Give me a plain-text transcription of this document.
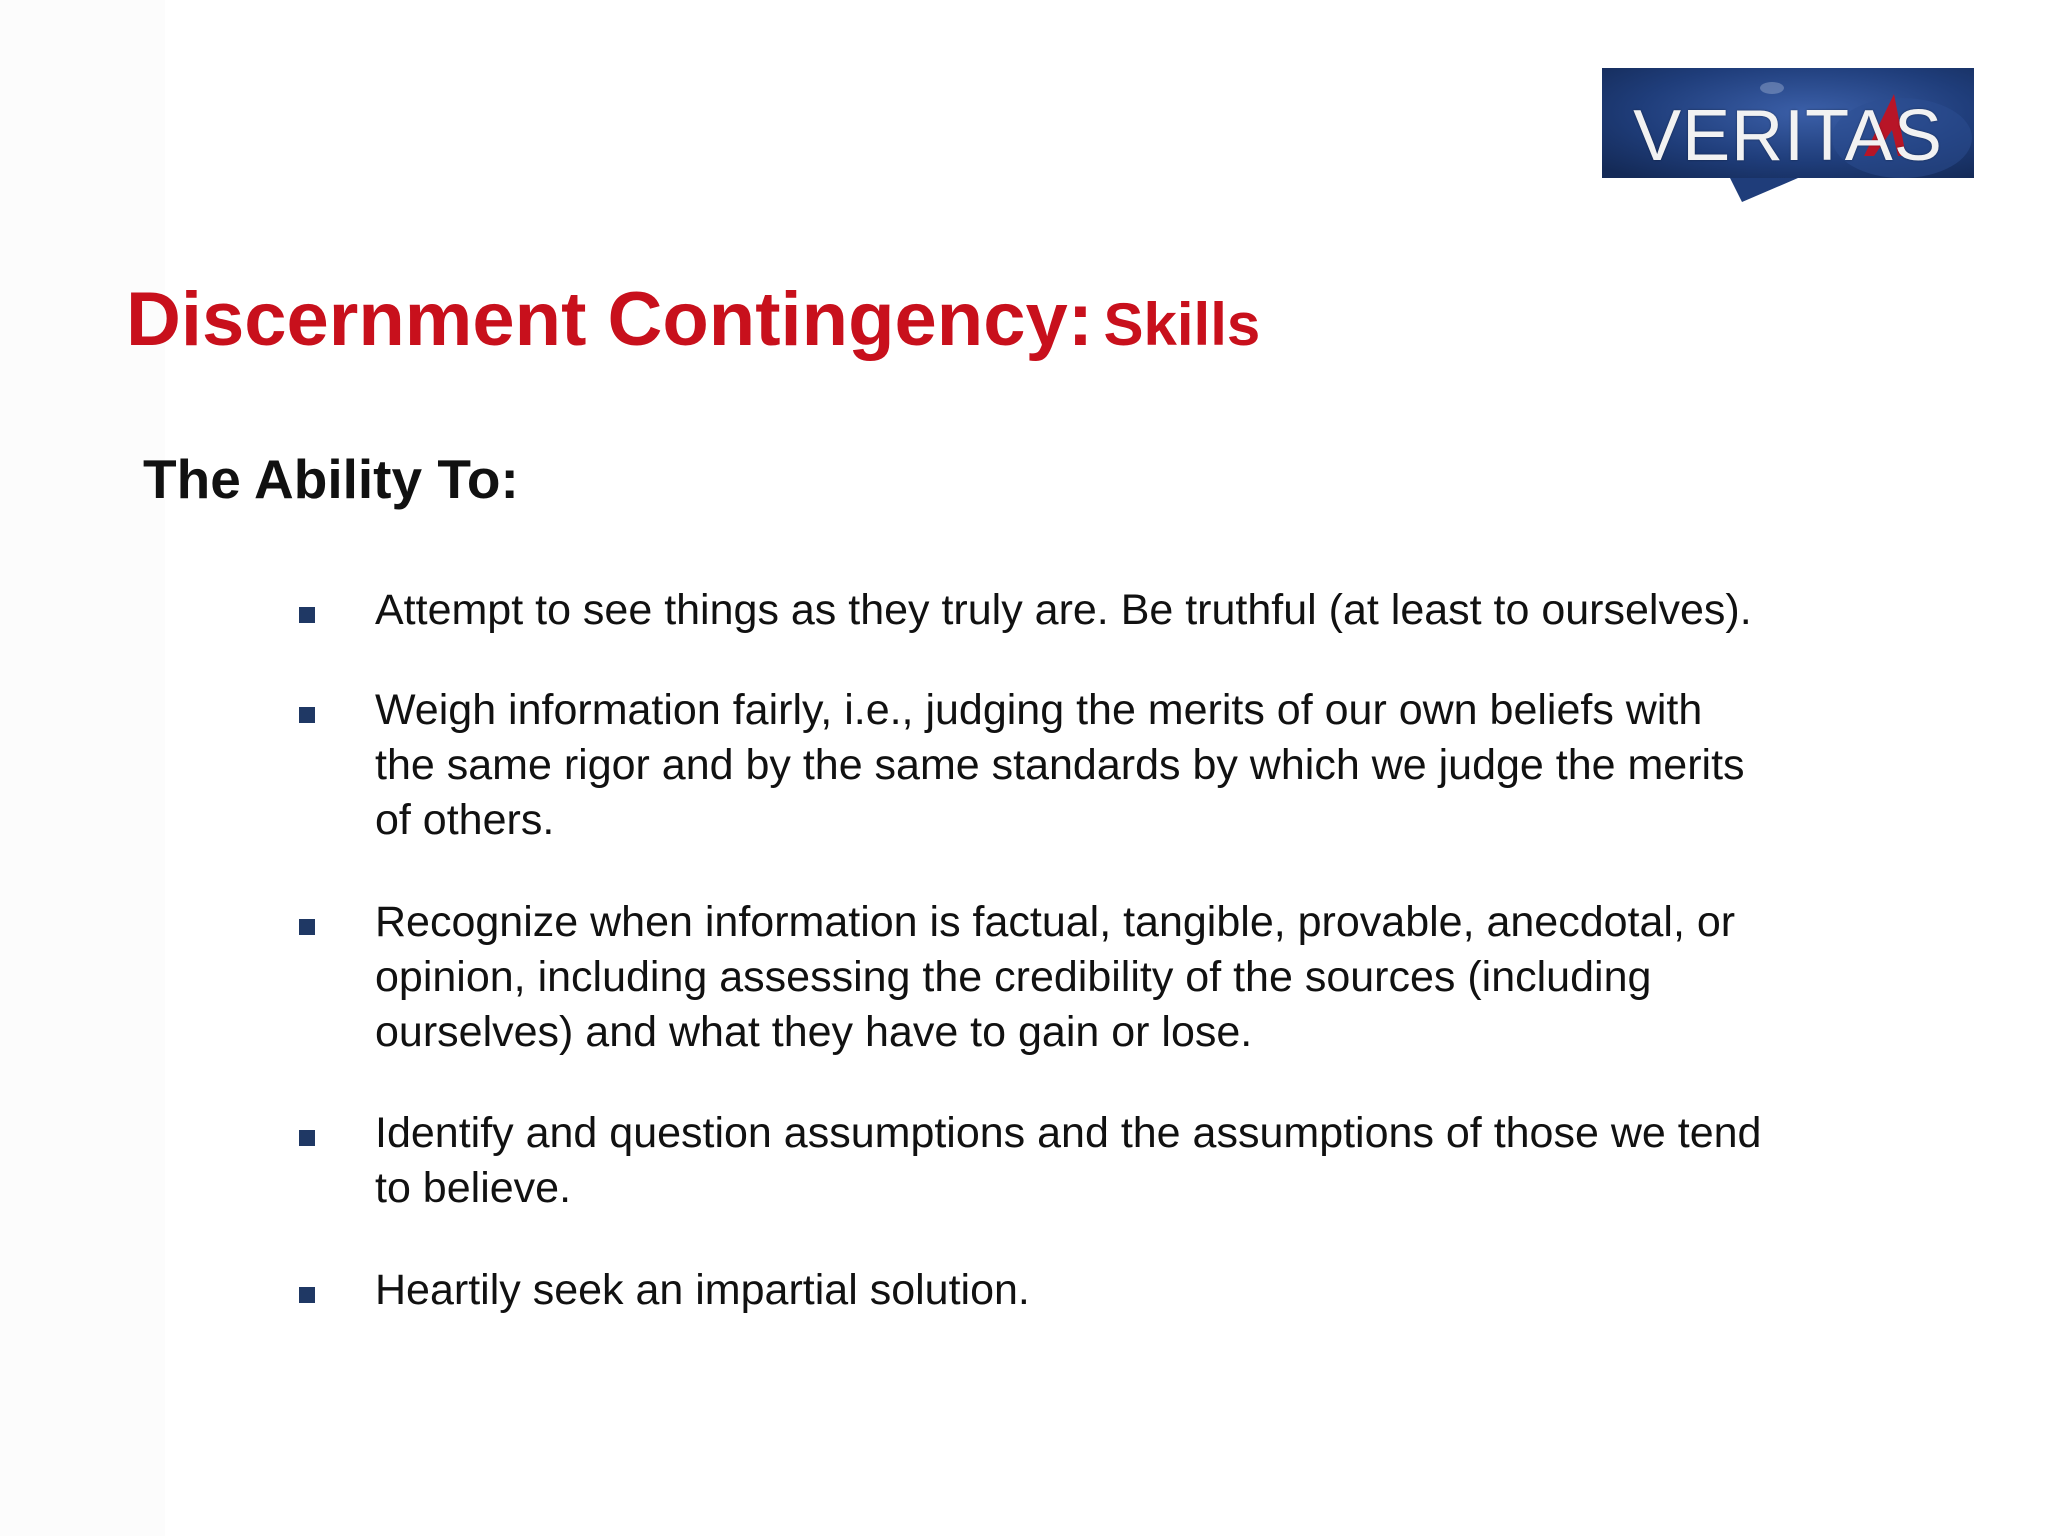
VERITAS
Discernment Contingency: Skills
The Ability To:
Attempt to see things as they truly are. Be truthful (at least to ourselves).
Weigh information fairly, i.e., judging the merits of our own beliefs with
the same rigor and by the same standards by which we judge the merits
of others.
Recognize when information is factual, tangible, provable, anecdotal, or
opinion, including assessing the credibility of the sources (including
ourselves) and what they have to gain or lose.
Identify and question assumptions and the assumptions of those we tend
to believe.
Heartily seek an impartial solution.
